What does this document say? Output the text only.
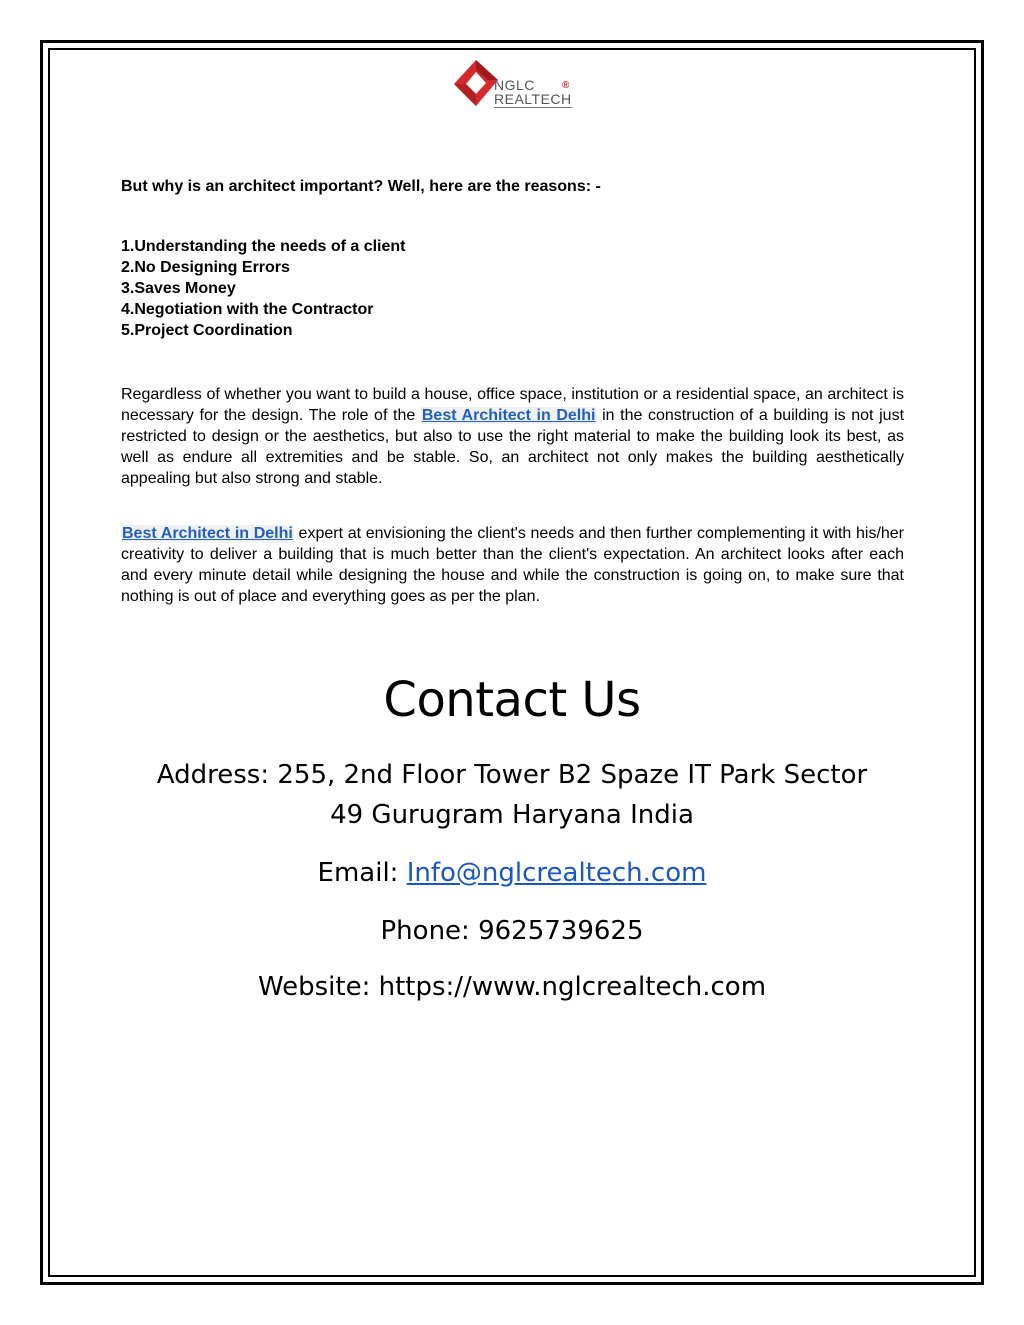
NGLC
REALTECH
®

But why is an architect important? Well, here are the reasons: -

1.Understanding the needs of a client
2.No Designing Errors
3.Saves Money
4.Negotiation with the Contractor
5.Project Coordination

Regardless of whether you want to build a house, office space, institution or a residential space, an architect is necessary for the design. The role of the Best Architect in Delhi in the construction of a building is not just restricted to design or the aesthetics, but also to use the right material to make the building look its best, as well as endure all extremities and be stable. So, an architect not only makes the building aesthetically appealing but also strong and stable.

Best Architect in Delhi expert at envisioning the client's needs and then further complementing it with his/her creativity to deliver a building that is much better than the client's expectation. An architect looks after each and every minute detail while designing the house and while the construction is going on, to make sure that nothing is out of place and everything goes as per the plan.

Contact Us

Address: 255, 2nd Floor Tower B2 Spaze IT Park Sector
49 Gurugram Haryana India

Email: Info@nglcrealtech.com

Phone: 9625739625

Website: https://www.nglcrealtech.com
